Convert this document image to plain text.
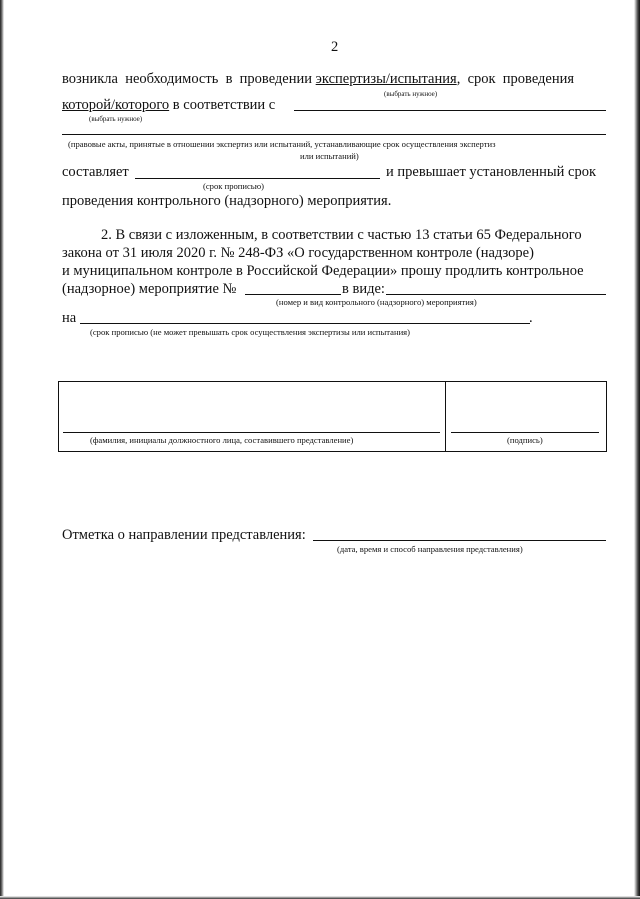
2
возникла  необходимость  в  проведении экспертизы/испытания,  срок  проведения
(выбрать нужное)
которой/которого в соответствии с
(выбрать нужное)
(правовые акты, принятые в отношении экспертиз или испытаний, устанавливающие срок осуществления экспертиз
или испытаний)
составляет	и превышает установленный срок
(срок прописью)
проведения контрольного (надзорного) мероприятия.
2. В связи с изложенным, в соответствии с частью 13 статьи 65 Федерального
закона от 31 июля 2020 г. № 248-ФЗ «О государственном контроле (надзоре)
и муниципальном контроле в Российской Федерации» прошу продлить контрольное
(надзорное) мероприятие №	в виде:
(номер и вид контрольного (надзорного) мероприятия)
на	.
(срок прописью (не может превышать срок осуществления экспертизы или испытания)
(фамилия, инициалы должностного лица, составившего представление)	(подпись)
Отметка о направлении представления:
(дата, время и способ направления представления)
